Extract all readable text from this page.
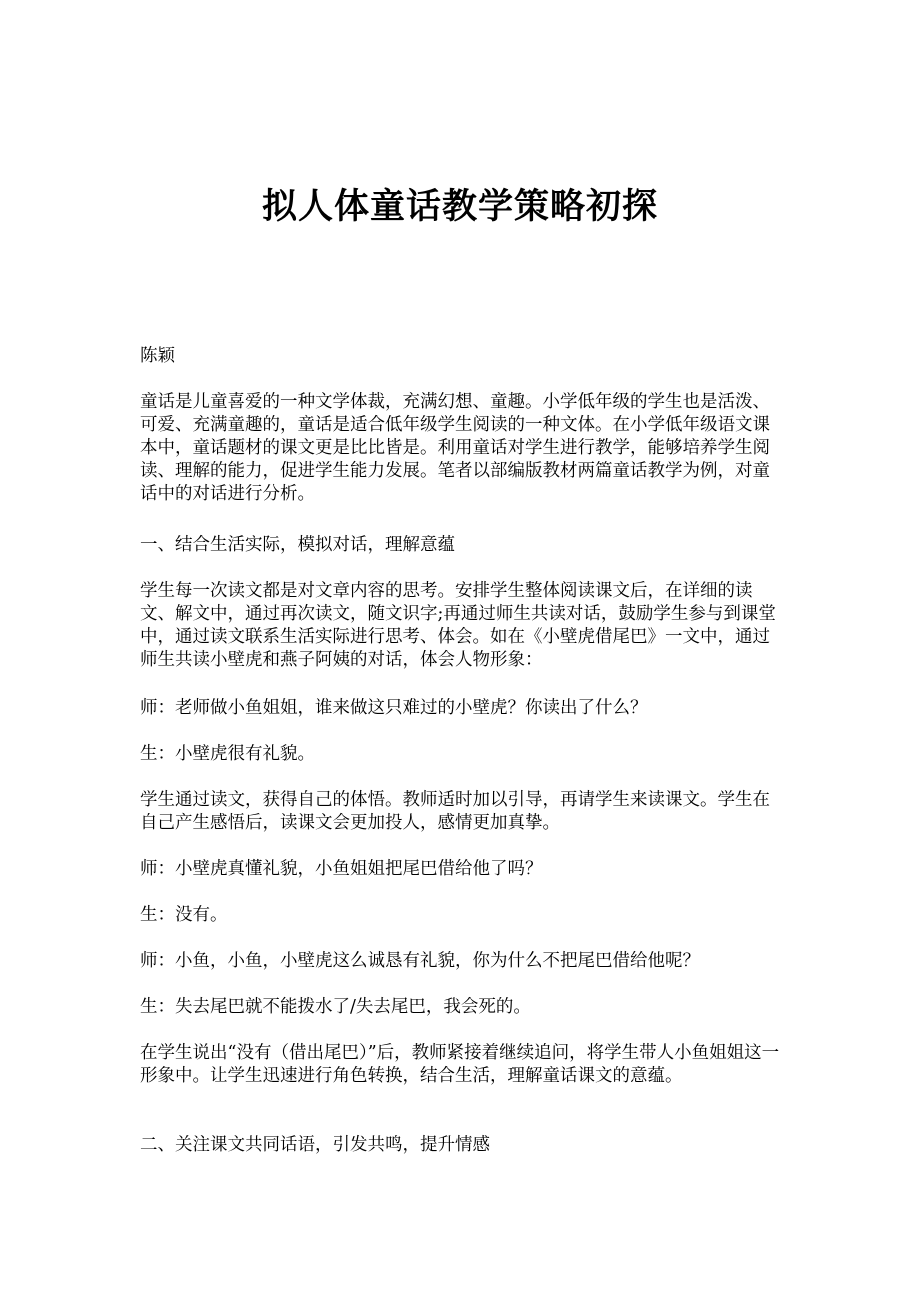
拟人体童话教学策略初探

陈颖

童话是儿童喜爱的一种文学体裁，充满幻想、童趣。小学低年级的学生也是活泼、可爱、充满童趣的，童话是适合低年级学生阅读的一种文体。在小学低年级语文课本中，童话题材的课文更是比比皆是。利用童话对学生进行教学，能够培养学生阅读、理解的能力，促进学生能力发展。笔者以部编版教材两篇童话教学为例，对童话中的对话进行分析。

一、结合生活实际，模拟对话，理解意蕴

学生每一次读文都是对文章内容的思考。安排学生整体阅读课文后，在详细的读文、解文中，通过再次读文，随文识字;再通过师生共读对话，鼓励学生参与到课堂中，通过读文联系生活实际进行思考、体会。如在《小壁虎借尾巴》一文中，通过师生共读小壁虎和燕子阿姨的对话，体会人物形象：

师：老师做小鱼姐姐，谁来做这只难过的小壁虎？你读出了什么？

生：小壁虎很有礼貌。

学生通过读文，获得自己的体悟。教师适时加以引导，再请学生来读课文。学生在自己产生感悟后，读课文会更加投人，感情更加真挚。

师：小壁虎真懂礼貌，小鱼姐姐把尾巴借给他了吗？

生：没有。

师：小鱼，小鱼，小壁虎这么诚恳有礼貌，你为什么不把尾巴借给他呢？

生：失去尾巴就不能拨水了/失去尾巴，我会死的。

在学生说出“没有（借出尾巴）”后，教师紧接着继续追问，将学生带人小鱼姐姐这一形象中。让学生迅速进行角色转换，结合生活，理解童话课文的意蕴。

二、关注课文共同话语，引发共鸣，提升情感
